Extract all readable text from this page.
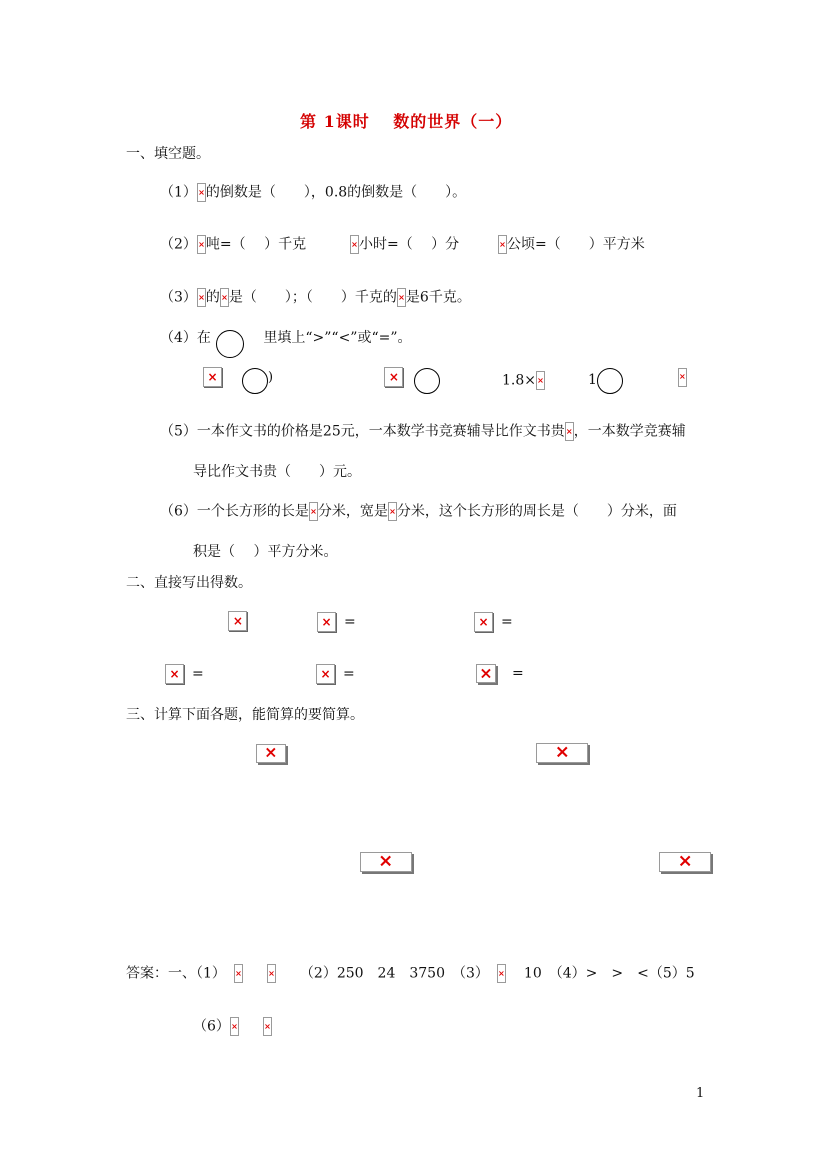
第 1课时　 数的世界（一）
一、填空题。
（1） × 的倒数是（　　），0.8的倒数是（　　）。
（2） × 吨=（　 ）千克 ×	小时=（　 ）分 ×	公顷=（　　）平方米
（3） × 的 × 是（　　）；（　　）千克的 × 是6千克。
（4）在	里填上“>”“<”或“=”。
×
) ×	1.8× ×	1
×
（5）一本作文书的价格是25元，一本数学书竞赛辅导比作文书贵 × ，一本数学竞赛辅
导比作文书贵（　　）元。
（6）一个长方形的长是 × 分米，宽是 × 分米，这个长方形的周长是（　　）分米，面
积是（　 ）平方分米。
二、直接写出得数。
×
×= ×	=
×= ×	= ×	=
三、计算下面各题，能简算的要简算。
× × × ×
答案：一、（1） × ×	（2）250　24　3750　（3） ×	10　（4）>　>　<（5）5
（6）××
1
